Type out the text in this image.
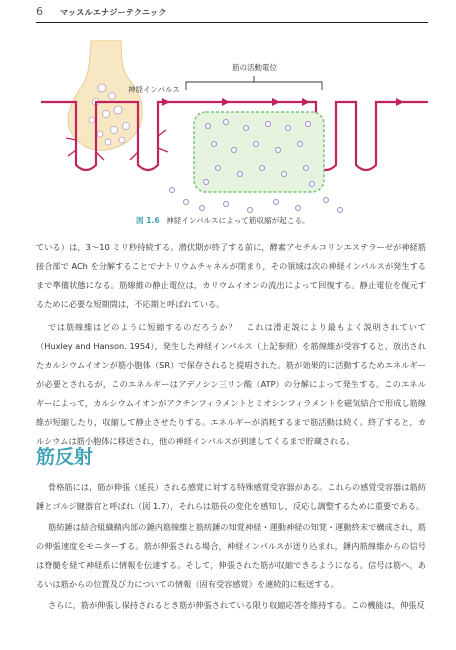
6 マッスルエナジーテクニック
筋の活動電位
神経インパルス
図 1.6 神経インパルスによって筋収縮が起こる。

ている）は，3～10 ミリ秒持続する。潜伏期が終了する前に，酵素アセチルコリンエステラーゼが神経筋接合部で ACh を分解することでナトリウムチャネルが閉まり，その領域は次の神経インパルスが発生するまで準備状態になる。筋線維の静止電位は，カリウムイオンの流出によって回復する。静止電位を復元するために必要な短期間は，不応期と呼ばれている。

では筋線維はどのように短縮するのだろうか？　これは滑走説により最もよく説明されていて（Huxley and Hanson. 1954），発生した神経インパルス（上記参照）を筋線維が受容すると，放出されたカルシウムイオンが筋小胞体（SR）で保存されると提唱された。筋が効果的に活動するためエネルギーが必要とされるが，このエネルギーはアデノシン三リン酸（ATP）の分解によって発生する。このエネルギーによって，カルシウムイオンがアクチンフィラメントとミオシンフィラメントを磁気結合で形成し筋線維が短縮したり，収縮して静止させたりする。エネルギーが消耗するまで筋活動は続く。終了すると，カルシウムは筋小胞体に移送され，他の神経インパルスが到達してくるまで貯蔵される。

筋反射

骨格筋には，筋が伸張（延長）される感覚に対する特殊感覚受容器がある。これらの感覚受容器は筋紡錘とゴルジ腱器官と呼ばれ（図 1.7），それらは筋長の変化を感知し，反応し調整するために重要である。

筋紡錘は結合組織鞘内部の錘内筋線維と筋紡錘の知覚神経・運動神経の知覚・運動終末で構成され，筋の伸張速度をモニターする。筋が伸張される場合，神経インパルスが送り込まれ，錘内筋線維からの信号は脊髄を経て神経系に情報を伝達する。そして，伸張された筋が収縮できるようになる。信号は筋へ，あるいは筋からの位置及び力についての情報（固有受容感覚）を連続的に転送する。

さらに，筋が伸張し保持されるとき筋が伸張されている限り収縮応答を維持する。この機能は，伸張反
